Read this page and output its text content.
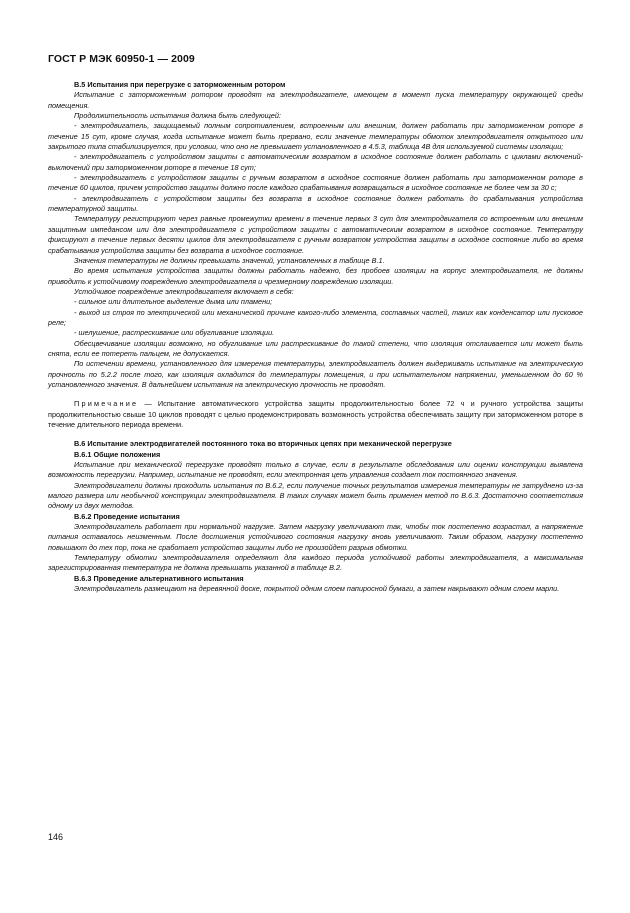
ГОСТ Р МЭК 60950-1 — 2009

B.5 Испытания при перегрузке с заторможенным ротором

Испытание с заторможенным ротором проводят на электродвигателе, имеющем в момент пуска температуру окружающей среды помещения.

Продолжительность испытания должна быть следующей:

- электродвигатель, защищаемый полным сопротивлением, встроенным или внешним, должен работать при заторможенном роторе в течение 15 сут, кроме случая, когда испытание может быть прервано, если значение температуры обмоток электродвигателя открытого или закрытого типа стабилизируется, при условии, что оно не превышает установленного в 4.5.3, таблица 4В для используемой системы изоляции;

- электродвигатель с устройством защиты с автоматическим возвратом в исходное состояние должен работать с циклами включений-выключений при заторможенном роторе в течение 18 сут;

- электродвигатель с устройством защиты с ручным возвратом в исходное состояние должен работать при заторможенном роторе в течение 60 циклов, причем устройство защиты должно после каждого срабатывания возвращаться в исходное состояние не более чем за 30 с;

- электродвигатель с устройством защиты без возврата в исходное состояние должен работать до срабатывания устройства температурной защиты.

Температуру регистрируют через равные промежутки времени в течение первых 3 сут для электродвигателя со встроенным или внешним защитным импедансом или для электродвигателя с устройством защиты с автоматическим возвратом в исходное состояние. Температуру фиксируют в течение первых десяти циклов для электродвигателя с ручным возвратом устройства защиты в исходное состояние либо во время срабатывания устройства защиты без возврата в исходное состояние.

Значения температуры не должны превышать значений, установленных в таблице B.1.

Во время испытания устройства защиты должны работать надежно, без пробоев изоляции на корпус электродвигателя, не должны приводить к устойчивому повреждению электродвигателя и чрезмерному повреждению изоляции.

Устойчивое повреждение электродвигателя включает в себя:

- сильное или длительное выделение дыма или пламени;

- выход из строя по электрической или механической причине какого-либо элемента, составных частей, таких как конденсатор или пусковое реле;

- шелушение, растрескивание или обугливание изоляции.

Обесцвечивание изоляции возможно, но обугливание или растрескивание до такой степени, что изоляция отслаивается или может быть снята, если ее потереть пальцем, не допускается.

По истечении времени, установленного для измерения температуры, электродвигатель должен выдерживать испытание на электрическую прочность по 5.2.2 после того, как изоляция охладится до температуры помещения, и при испытательном напряжении, уменьшенном до 60 % установленного значения. В дальнейшем испытания на электрическую прочность не проводят.

Примечание — Испытание автоматического устройства защиты продолжительностью более 72 ч и ручного устройства защиты продолжительностью свыше 10 циклов проводят с целью продемонстрировать возможность устройства обеспечивать защиту при заторможенном роторе в течение длительного периода времени.

B.6 Испытание электродвигателей постоянного тока во вторичных цепях при механической перегрузке

B.6.1 Общие положения

Испытание при механической перегрузке проводят только в случае, если в результате обследования или оценки конструкции выявлена возможность перегрузки. Например, испытание не проводят, если электронная цепь управления создает ток постоянного значения.

Электродвигатели должны проходить испытания по B.6.2, если получение точных результатов измерения температуры не затруднено из-за малого размера или необычной конструкции электродвигателя. В таких случаях может быть применен метод по B.6.3. Достаточно соответствия одному из двух методов.

B.6.2 Проведение испытания

Электродвигатель работает при нормальной нагрузке. Затем нагрузку увеличивают так, чтобы ток постепенно возрастал, а напряжение питания оставалось неизменным. После достижения устойчивого состояния нагрузку вновь увеличивают. Таким образом, нагрузку постепенно повышают до тех пор, пока не сработает устройство защиты либо не произойдет разрыв обмотки.

Температуру обмотки электродвигателя определяют для каждого периода устойчивой работы электродвигателя, а максимальная зарегистрированная температура не должна превышать указанной в таблице B.2.

B.6.3 Проведение альтернативного испытания

Электродвигатель размещают на деревянной доске, покрытой одним слоем папиросной бумаги, а затем накрывают одним слоем марли.

146
